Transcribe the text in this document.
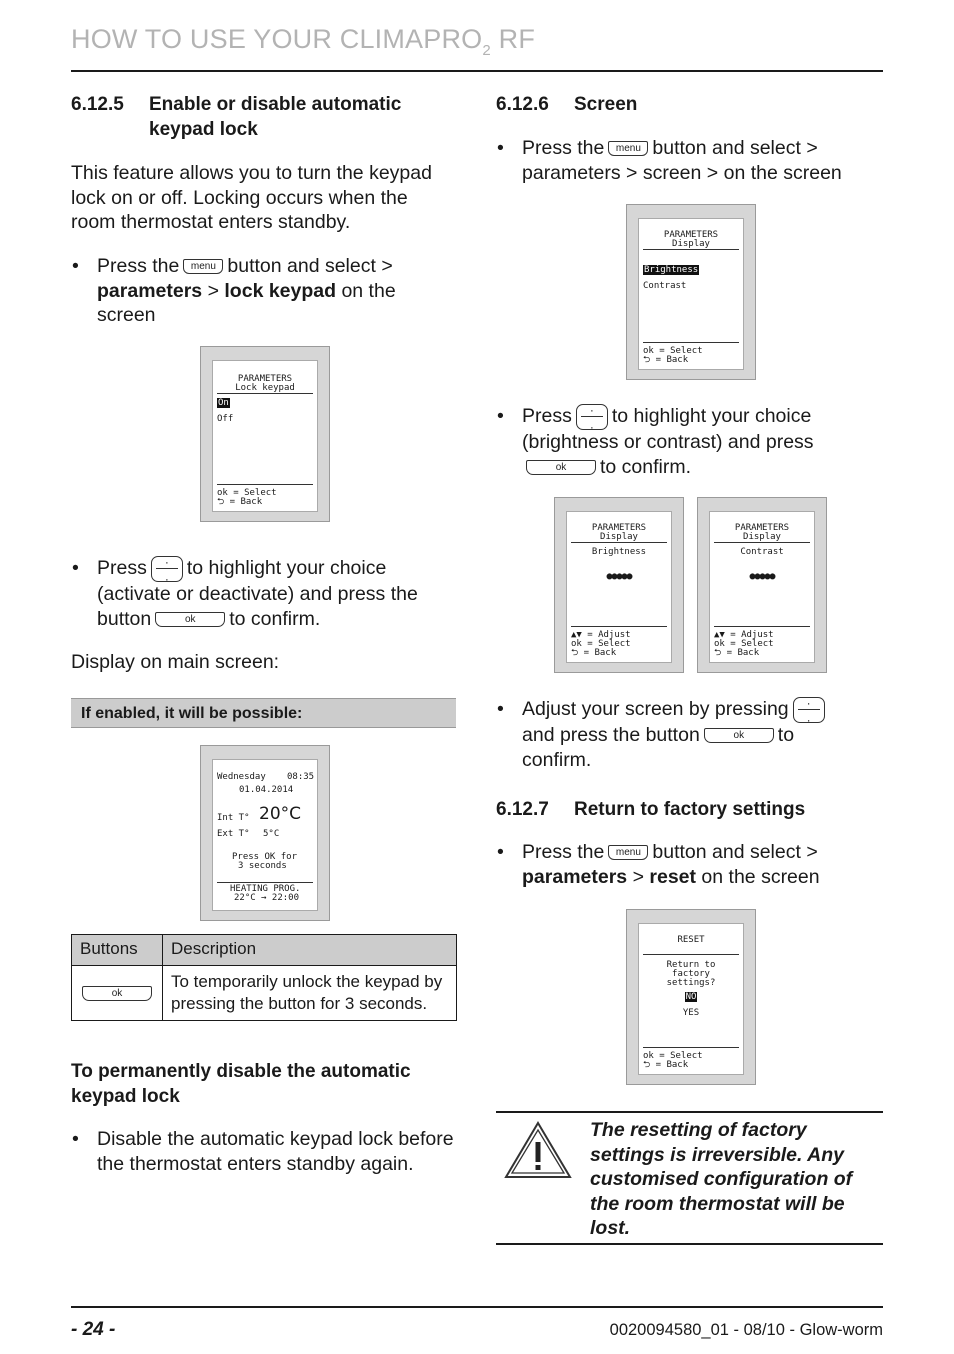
HOW TO USE YOUR $CLIMAPRO_2$ RF
6.12.5 Enable or disable automatic
keypad lock
This feature allows you to turn the keypad lock on or off. Locking occurs when the room thermostat enters standby.
• Press the menu button and select >
parameters > lock keypad on the screen
PARAMETERS
Lock keypad
On
Off
ok = Select
⮌ = Back
• Press ·
· to highlight your choice (activate or deactivate) and press the button	ok to confirm.
Display on main screen:
If enabled, it will be possible:
Wednesday 08:35
01.04.2014
Int T° 20°C
Ext T° 5°C
Press OK for
3 seconds
HEATING PROG.
22°C → 22:00
Buttons	Description
ok	To temporarily unlock the keypad by pressing the button for 3 seconds.
To permanently disable the automatic keypad lock
• Disable the automatic keypad lock before the thermostat enters standby again.
6.12.6 Screen
• Press the menu button and select > parameters > screen > on the screen
PARAMETERS
Display
Brightness
Contrast
ok = Select
⮌ = Back
• Press ·
· to highlight your choice (brightness or contrast) and press
ok to confirm.
PARAMETERS
Display
Brightness
●●●●●
▲▼ = Adjust
ok = Select
⮌ = Back
PARAMETERS
Display
Contrast
●●●●●
▲▼ = Adjust
ok = Select
⮌ = Back
• Adjust your screen by pressing ·
·
and press the button	ok to
confirm.
6.12.7 Return to factory settings
• Press the menu button and select >
parameters > reset on the screen
RESET
Return to
factory
settings?
NO
YES
ok = Select
⮌ = Back
The resetting of factory settings is irreversible. Any customised configuration of the room thermostat will be lost.
- 24 -	0020094580_01 - 08/10 - Glow-worm
